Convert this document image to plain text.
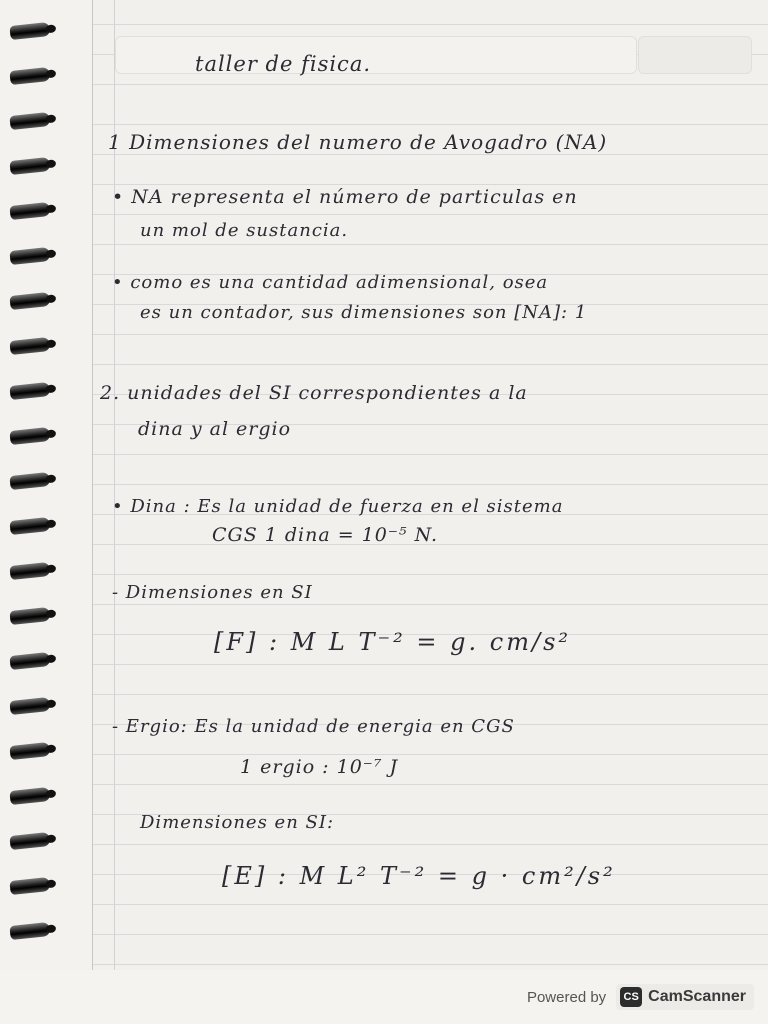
taller de fisica.
1 Dimensiones del numero de Avogadro (NA)
• NA representa el número de particulas en
un mol de sustancia.
• como es una cantidad adimensional, osea
es un contador, sus dimensiones son [NA]: 1
2. unidades del SI correspondientes a la
dina y al ergio
• Dina : Es la unidad de fuerza en el sistema
CGS 1 dina = 10⁻⁵ N.
- Dimensiones en SI
[F] : M L T⁻² = g. cm/s²
- Ergio: Es la unidad de energia en CGS
1 ergio : 10⁻⁷ J
Dimensiones en SI:
[E] : M L² T⁻² = g · cm²/s²
Powered by	CS CamScanner
